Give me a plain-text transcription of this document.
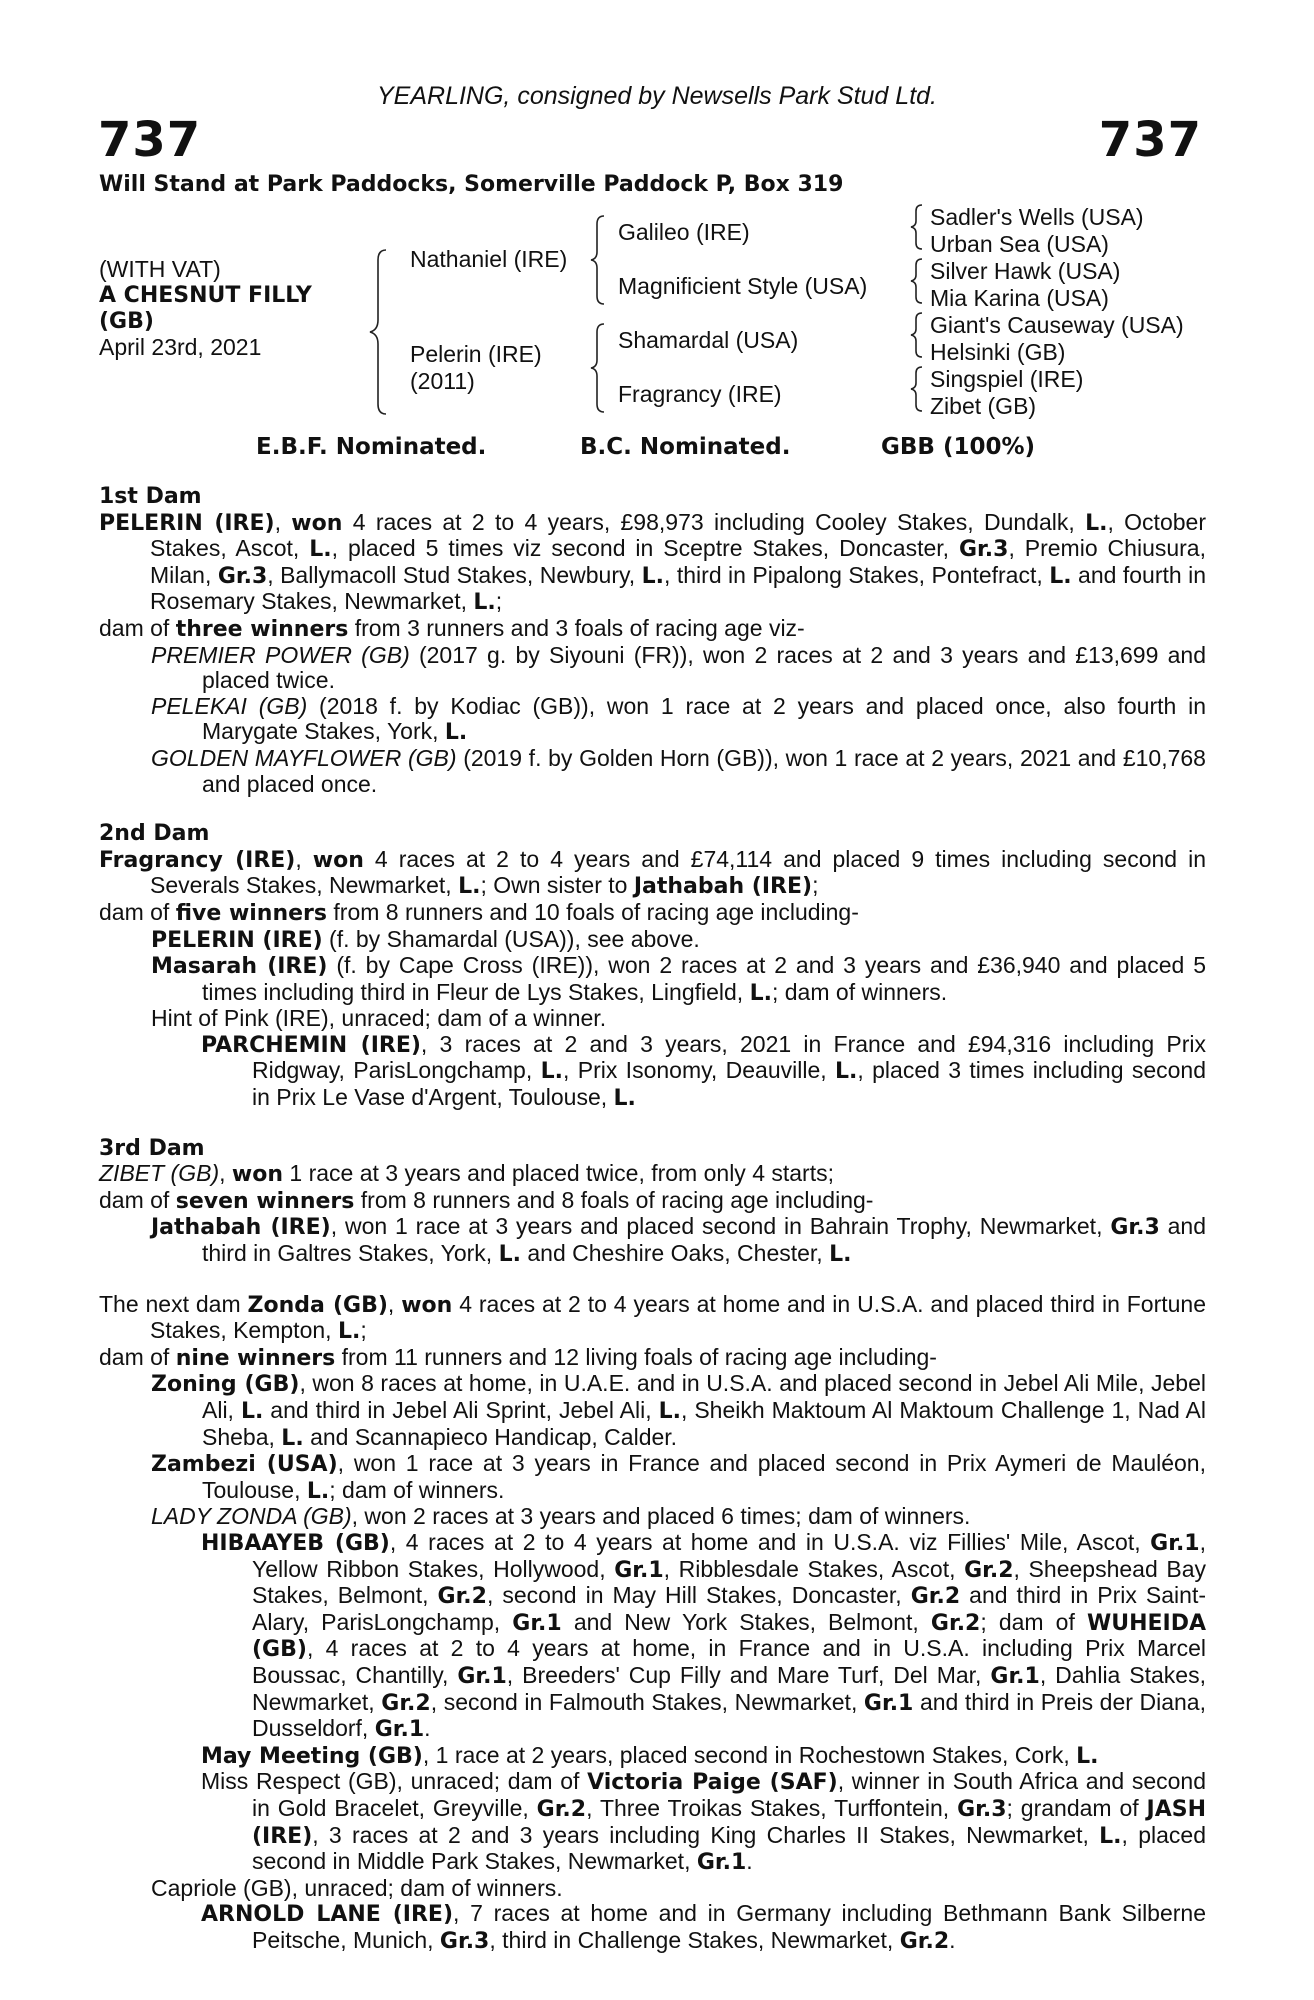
YEARLING, consigned by Newsells Park Stud Ltd.
737	737
Will Stand at Park Paddocks, Somerville Paddock P, Box 319
(WITH VAT)
A CHESNUT FILLY
(GB)
April 23rd, 2021
Nathaniel (IRE)
Pelerin (IRE)
(2011)
Galileo (IRE)
Magnificient Style (USA)
Shamardal (USA)
Fragrancy (IRE)
Sadler's Wells (USA)
Urban Sea (USA)
Silver Hawk (USA)
Mia Karina (USA)
Giant's Causeway (USA)
Helsinki (GB)
Singspiel (IRE)
Zibet (GB)
E.B.F. Nominated.	B.C. Nominated.	GBB (100%)
1st Dam
PELERIN (IRE), won 4 races at 2 to 4 years, £98,973 including Cooley Stakes, Dundalk, L., October Stakes, Ascot, L., placed 5 times viz second in Sceptre Stakes, Doncaster, Gr.3, Premio Chiusura, Milan, Gr.3, Ballymacoll Stud Stakes, Newbury, L., third in Pipalong Stakes, Pontefract, L. and fourth in Rosemary Stakes, Newmarket, L.;
dam of three winners from 3 runners and 3 foals of racing age viz-
PREMIER POWER (GB) (2017 g. by Siyouni (FR)), won 2 races at 2 and 3 years and £13,699 and placed twice.
PELEKAI (GB) (2018 f. by Kodiac (GB)), won 1 race at 2 years and placed once, also fourth in Marygate Stakes, York, L.
GOLDEN MAYFLOWER (GB) (2019 f. by Golden Horn (GB)), won 1 race at 2 years, 2021 and £10,768 and placed once.
2nd Dam
Fragrancy (IRE), won 4 races at 2 to 4 years and £74,114 and placed 9 times including second in Severals Stakes, Newmarket, L.; Own sister to Jathabah (IRE);
dam of five winners from 8 runners and 10 foals of racing age including-
PELERIN (IRE) (f. by Shamardal (USA)), see above.
Masarah (IRE) (f. by Cape Cross (IRE)), won 2 races at 2 and 3 years and £36,940 and placed 5 times including third in Fleur de Lys Stakes, Lingfield, L.; dam of winners.
Hint of Pink (IRE), unraced; dam of a winner.
PARCHEMIN (IRE), 3 races at 2 and 3 years, 2021 in France and £94,316 including Prix Ridgway, ParisLongchamp, L., Prix Isonomy, Deauville, L., placed 3 times including second in Prix Le Vase d'Argent, Toulouse, L.
3rd Dam
ZIBET (GB), won 1 race at 3 years and placed twice, from only 4 starts;
dam of seven winners from 8 runners and 8 foals of racing age including-
Jathabah (IRE), won 1 race at 3 years and placed second in Bahrain Trophy, Newmarket, Gr.3 and third in Galtres Stakes, York, L. and Cheshire Oaks, Chester, L.
The next dam Zonda (GB), won 4 races at 2 to 4 years at home and in U.S.A. and placed third in Fortune Stakes, Kempton, L.;
dam of nine winners from 11 runners and 12 living foals of racing age including-
Zoning (GB), won 8 races at home, in U.A.E. and in U.S.A. and placed second in Jebel Ali Mile, Jebel Ali, L. and third in Jebel Ali Sprint, Jebel Ali, L., Sheikh Maktoum Al Maktoum Challenge 1, Nad Al Sheba, L. and Scannapieco Handicap, Calder.
Zambezi (USA), won 1 race at 3 years in France and placed second in Prix Aymeri de Mauléon, Toulouse, L.; dam of winners.
LADY ZONDA (GB), won 2 races at 3 years and placed 6 times; dam of winners.
HIBAAYEB (GB), 4 races at 2 to 4 years at home and in U.S.A. viz Fillies' Mile, Ascot, Gr.1, Yellow Ribbon Stakes, Hollywood, Gr.1, Ribblesdale Stakes, Ascot, Gr.2, Sheepshead Bay Stakes, Belmont, Gr.2, second in May Hill Stakes, Doncaster, Gr.2 and third in Prix Saint-Alary, ParisLongchamp, Gr.1 and New York Stakes, Belmont, Gr.2; dam of WUHEIDA (GB), 4 races at 2 to 4 years at home, in France and in U.S.A. including Prix Marcel Boussac, Chantilly, Gr.1, Breeders' Cup Filly and Mare Turf, Del Mar, Gr.1, Dahlia Stakes, Newmarket, Gr.2, second in Falmouth Stakes, Newmarket, Gr.1 and third in Preis der Diana, Dusseldorf, Gr.1.
May Meeting (GB), 1 race at 2 years, placed second in Rochestown Stakes, Cork, L.
Miss Respect (GB), unraced; dam of Victoria Paige (SAF), winner in South Africa and second in Gold Bracelet, Greyville, Gr.2, Three Troikas Stakes, Turffontein, Gr.3; grandam of JASH (IRE), 3 races at 2 and 3 years including King Charles II Stakes, Newmarket, L., placed second in Middle Park Stakes, Newmarket, Gr.1.
Capriole (GB), unraced; dam of winners.
ARNOLD LANE (IRE), 7 races at home and in Germany including Bethmann Bank Silberne Peitsche, Munich, Gr.3, third in Challenge Stakes, Newmarket, Gr.2.
